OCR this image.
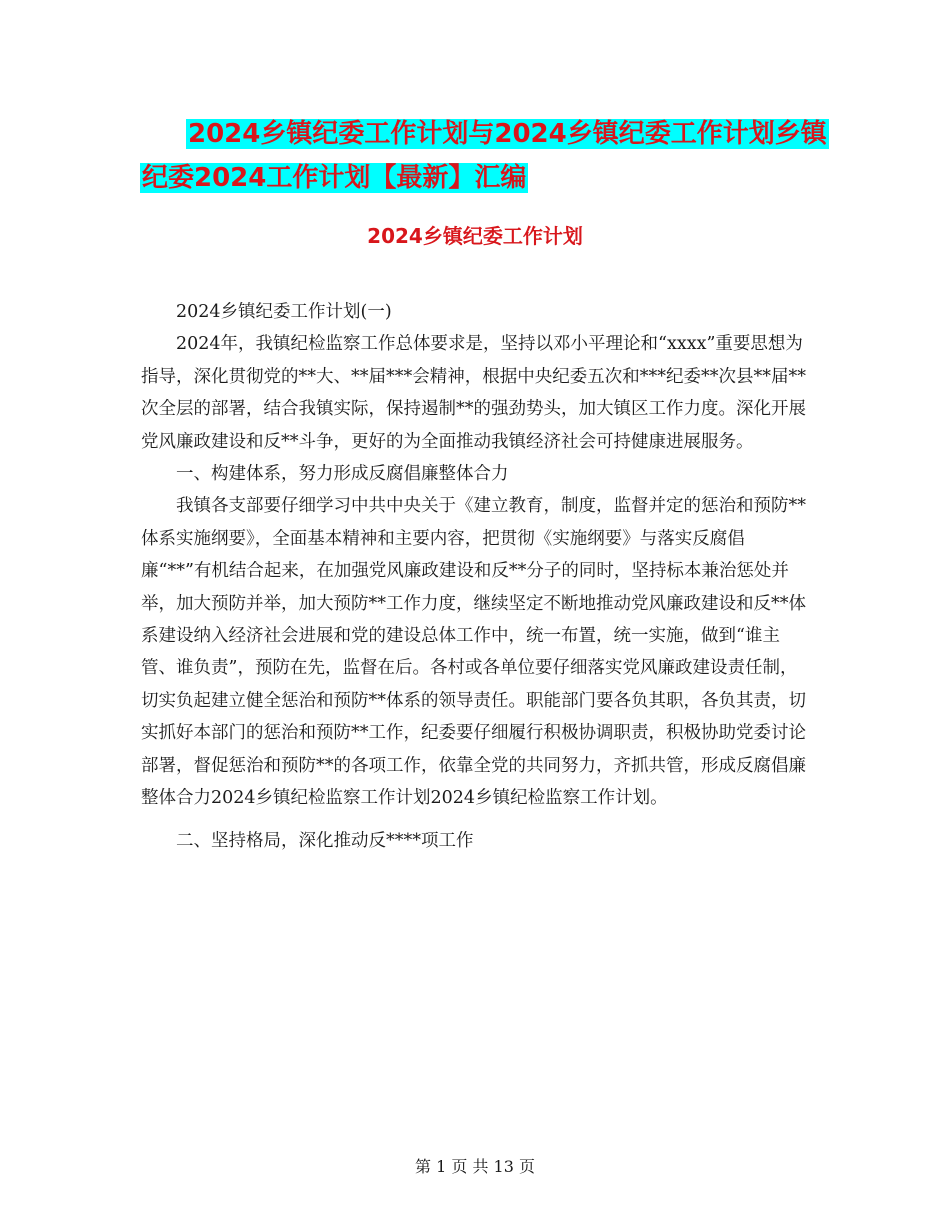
2024乡镇纪委工作计划与2024乡镇纪委工作计划乡镇
纪委2024工作计划【最新】汇编
2024乡镇纪委工作计划

2024乡镇纪委工作计划(一)

2024年，我镇纪检监察工作总体要求是，坚持以邓小平理论和“xxxx”重要思想为指导，深化贯彻党的**大、**届***会精神，根据中央纪委五次和***纪委**次县**届**次全层的部署，结合我镇实际，保持遏制**的强劲势头，加大镇区工作力度。深化开展党风廉政建设和反**斗争，更好的为全面推动我镇经济社会可持健康进展服务。

一、构建体系，努力形成反腐倡廉整体合力

我镇各支部要仔细学习中共中央关于《建立教育，制度，监督并定的惩治和预防**体系实施纲要》，全面基本精神和主要内容，把贯彻《实施纲要》与落实反腐倡廉“**”有机结合起来，在加强党风廉政建设和反**分子的同时，坚持标本兼治惩处并举，加大预防并举，加大预防**工作力度，继续坚定不断地推动党风廉政建设和反**体系建设纳入经济社会进展和党的建设总体工作中，统一布置，统一实施，做到“谁主管、谁负责”，预防在先，监督在后。各村或各单位要仔细落实党风廉政建设责任制，切实负起建立健全惩治和预防**体系的领导责任。职能部门要各负其职，各负其责，切实抓好本部门的惩治和预防**工作，纪委要仔细履行积极协调职责，积极协助党委讨论部署，督促惩治和预防**的各项工作，依靠全党的共同努力，齐抓共管，形成反腐倡廉整体合力2024乡镇纪检监察工作计划2024乡镇纪检监察工作计划。

二、坚持格局，深化推动反****项工作

第 1 页 共 13 页
